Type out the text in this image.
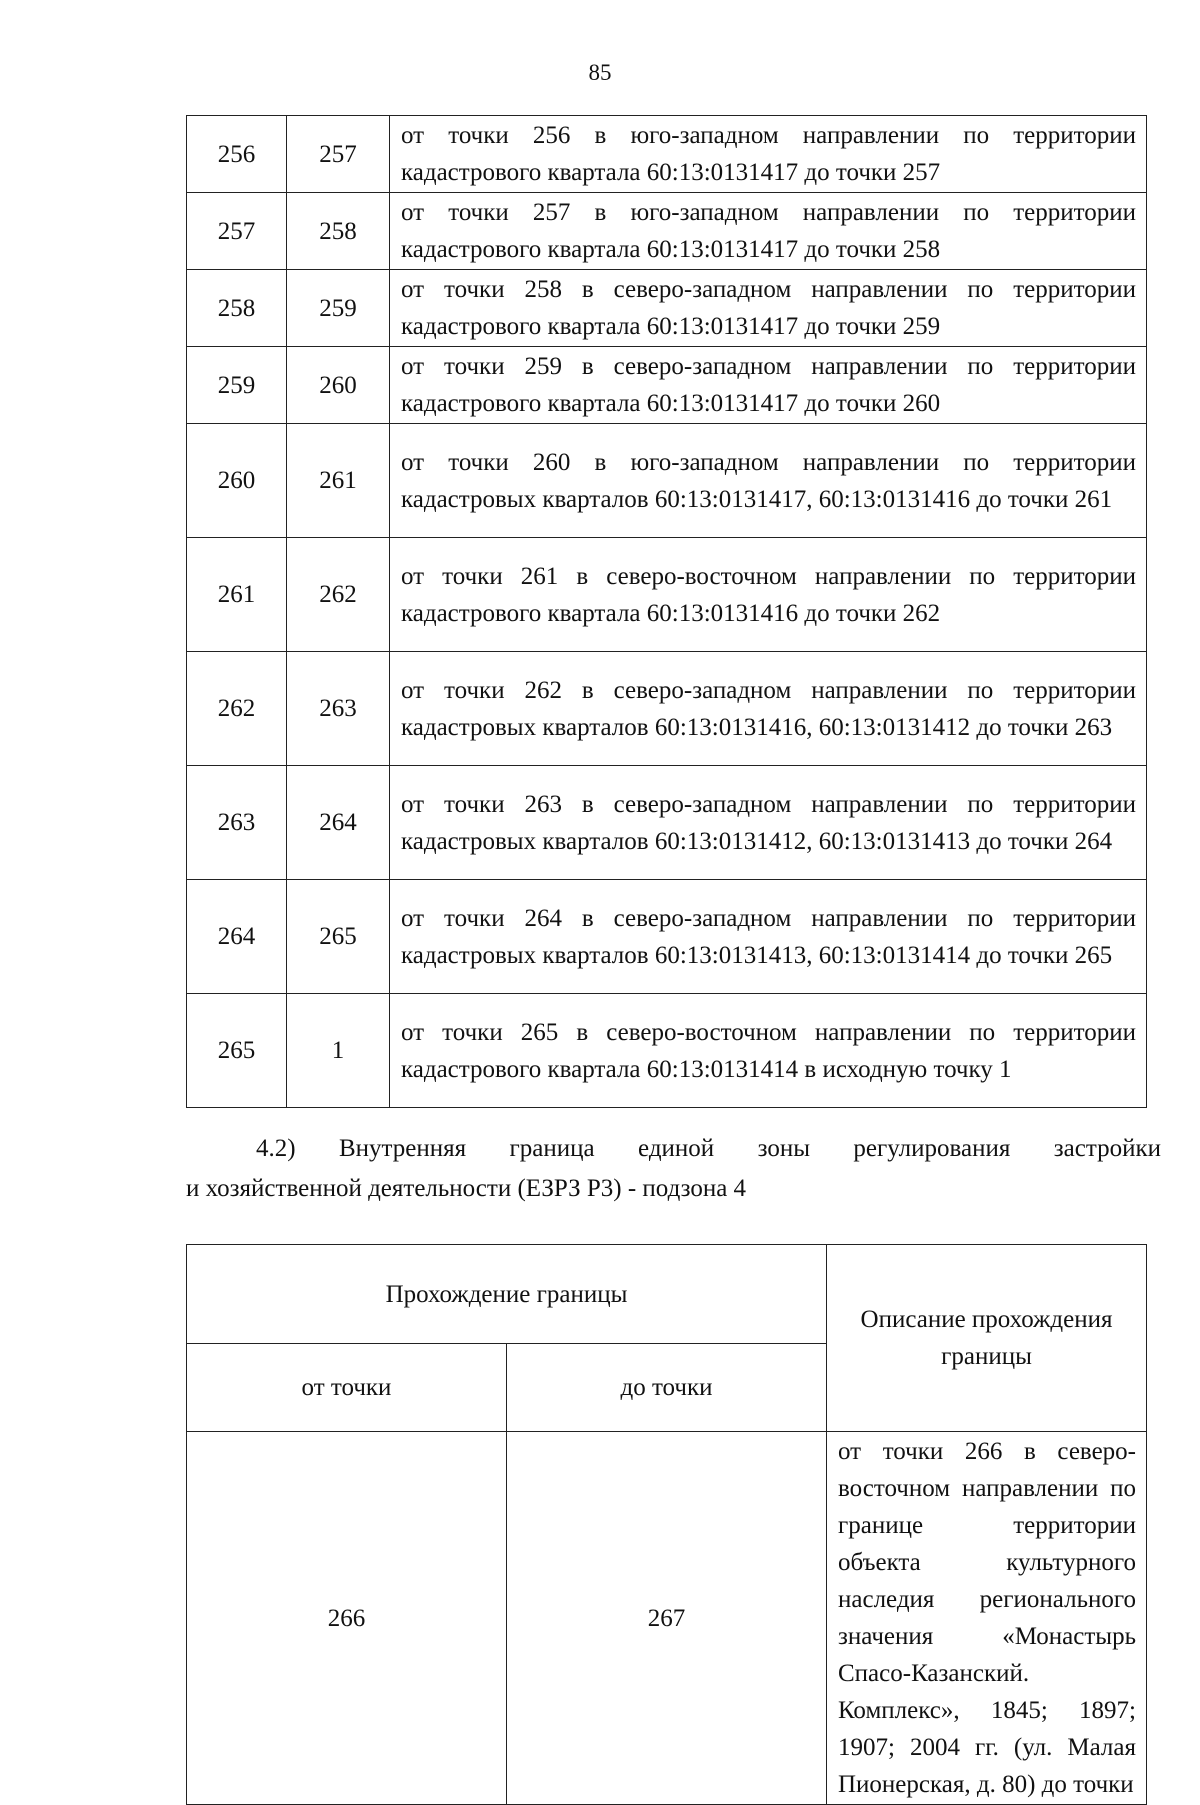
85
256	257	от точки 256 в юго-западном направлении по территории кадастрового квартала 60:13:0131417 до точки 257
257	258	от точки 257 в юго-западном направлении по территории кадастрового квартала 60:13:0131417 до точки 258
258	259	от точки 258 в северо-западном направлении по территории кадастрового квартала 60:13:0131417 до точки 259
259	260	от точки 259 в северо-западном направлении по территории кадастрового квартала 60:13:0131417 до точки 260
260	261	от точки 260 в юго-западном направлении по территории кадастровых кварталов 60:13:0131417, 60:13:0131416 до точки 261
261	262	от точки 261 в северо-восточном направлении по территории кадастрового квартала 60:13:0131416 до точки 262
262	263	от точки 262 в северо-западном направлении по территории кадастровых кварталов 60:13:0131416, 60:13:0131412 до точки 263
263	264	от точки 263 в северо-западном направлении по территории кадастровых кварталов 60:13:0131412, 60:13:0131413 до точки 264
264	265	от точки 264 в северо-западном направлении по территории кадастровых кварталов 60:13:0131413, 60:13:0131414 до точки 265
265	1	от точки 265 в северо-восточном направлении по территории кадастрового квартала 60:13:0131414 в исходную точку 1
4.2) Внутренняя граница единой зоны регулирования застройки
и хозяйственной деятельности (ЕЗРЗ Р3) - подзона 4
Прохождение границы		Описание прохождения границы
от точки	до точки	
266	267	от точки 266 в северо-восточном направлении по границе территории объекта культурного наследия регионального значения «Монастырь Спасо-Казанский. Комплекс», 1845; 1897; 1907; 2004 гг. (ул. Малая Пионерская, д. 80) до точки
